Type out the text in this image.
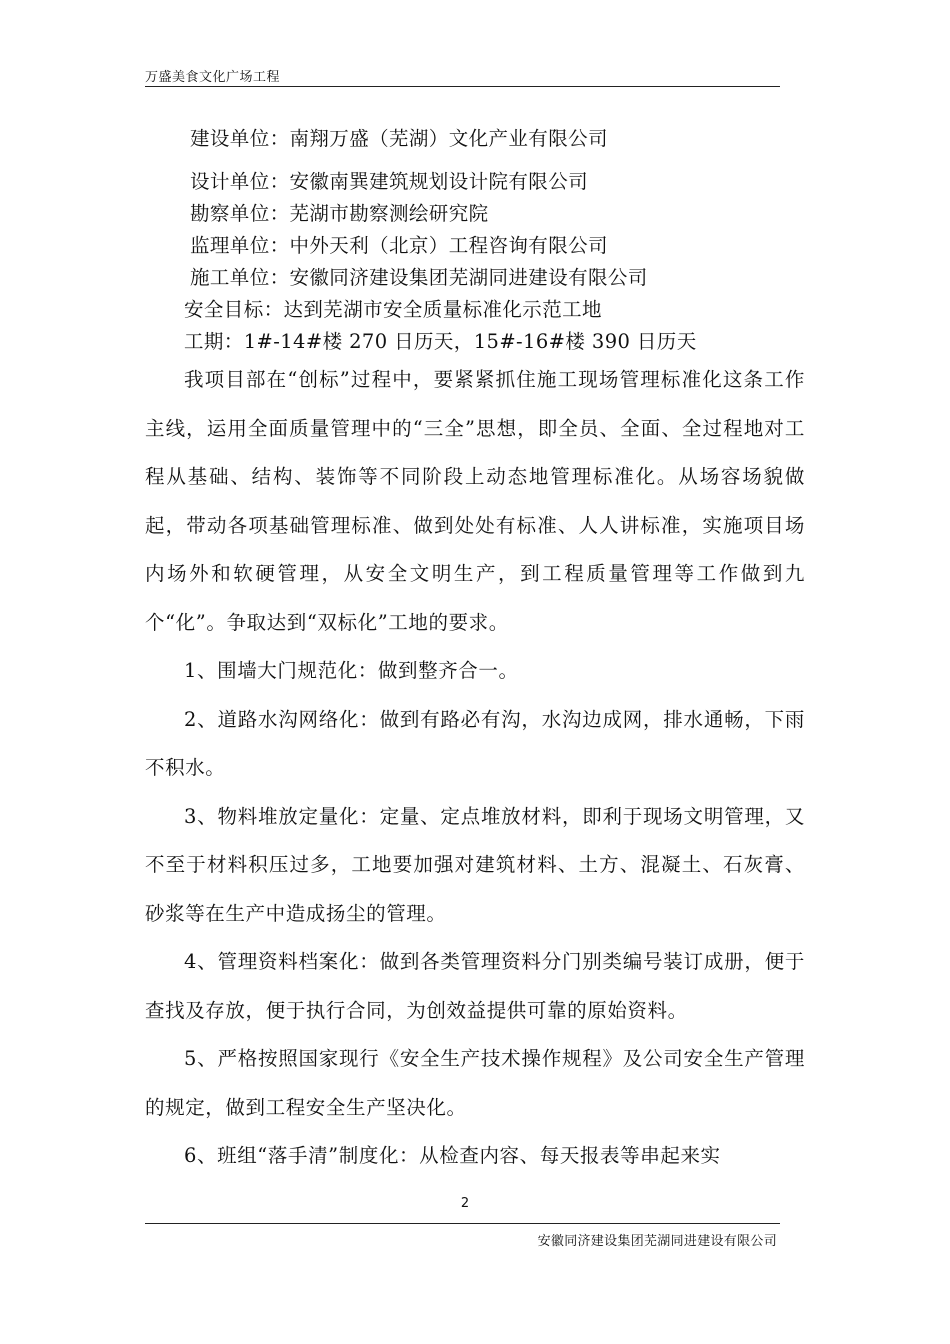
万盛美食文化广场工程
建设单位：南翔万盛（芜湖）文化产业有限公司
设计单位：安徽南巽建筑规划设计院有限公司
勘察单位：芜湖市勘察测绘研究院
监理单位：中外天利（北京）工程咨询有限公司
施工单位：安徽同济建设集团芜湖同进建设有限公司
安全目标：达到芜湖市安全质量标准化示范工地
工期：1#-14#楼 270 日历天，15#-16#楼 390 日历天

我项目部在“创标”过程中，要紧紧抓住施工现场管理标准化这条工作主线，运用全面质量管理中的“三全”思想，即全员、全面、全过程地对工程从基础、结构、装饰等不同阶段上动态地管理标准化。从场容场貌做起，带动各项基础管理标准、做到处处有标准、人人讲标准，实施项目场内场外和软硬管理，从安全文明生产，到工程质量管理等工作做到九个“化”。争取达到“双标化”工地的要求。

1、围墙大门规范化：做到整齐合一。

2、道路水沟网络化：做到有路必有沟，水沟边成网，排水通畅，下雨不积水。

3、物料堆放定量化：定量、定点堆放材料，即利于现场文明管理，又不至于材料积压过多，工地要加强对建筑材料、土方、混凝土、石灰膏、砂浆等在生产中造成扬尘的管理。

4、管理资料档案化：做到各类管理资料分门别类编号装订成册，便于查找及存放，便于执行合同，为创效益提供可靠的原始资料。

5、严格按照国家现行《安全生产技术操作规程》及公司安全生产管理的规定，做到工程安全生产坚决化。

6、班组“落手清”制度化：从检查内容、每天报表等串起来实

2
安徽同济建设集团芜湖同进建设有限公司
